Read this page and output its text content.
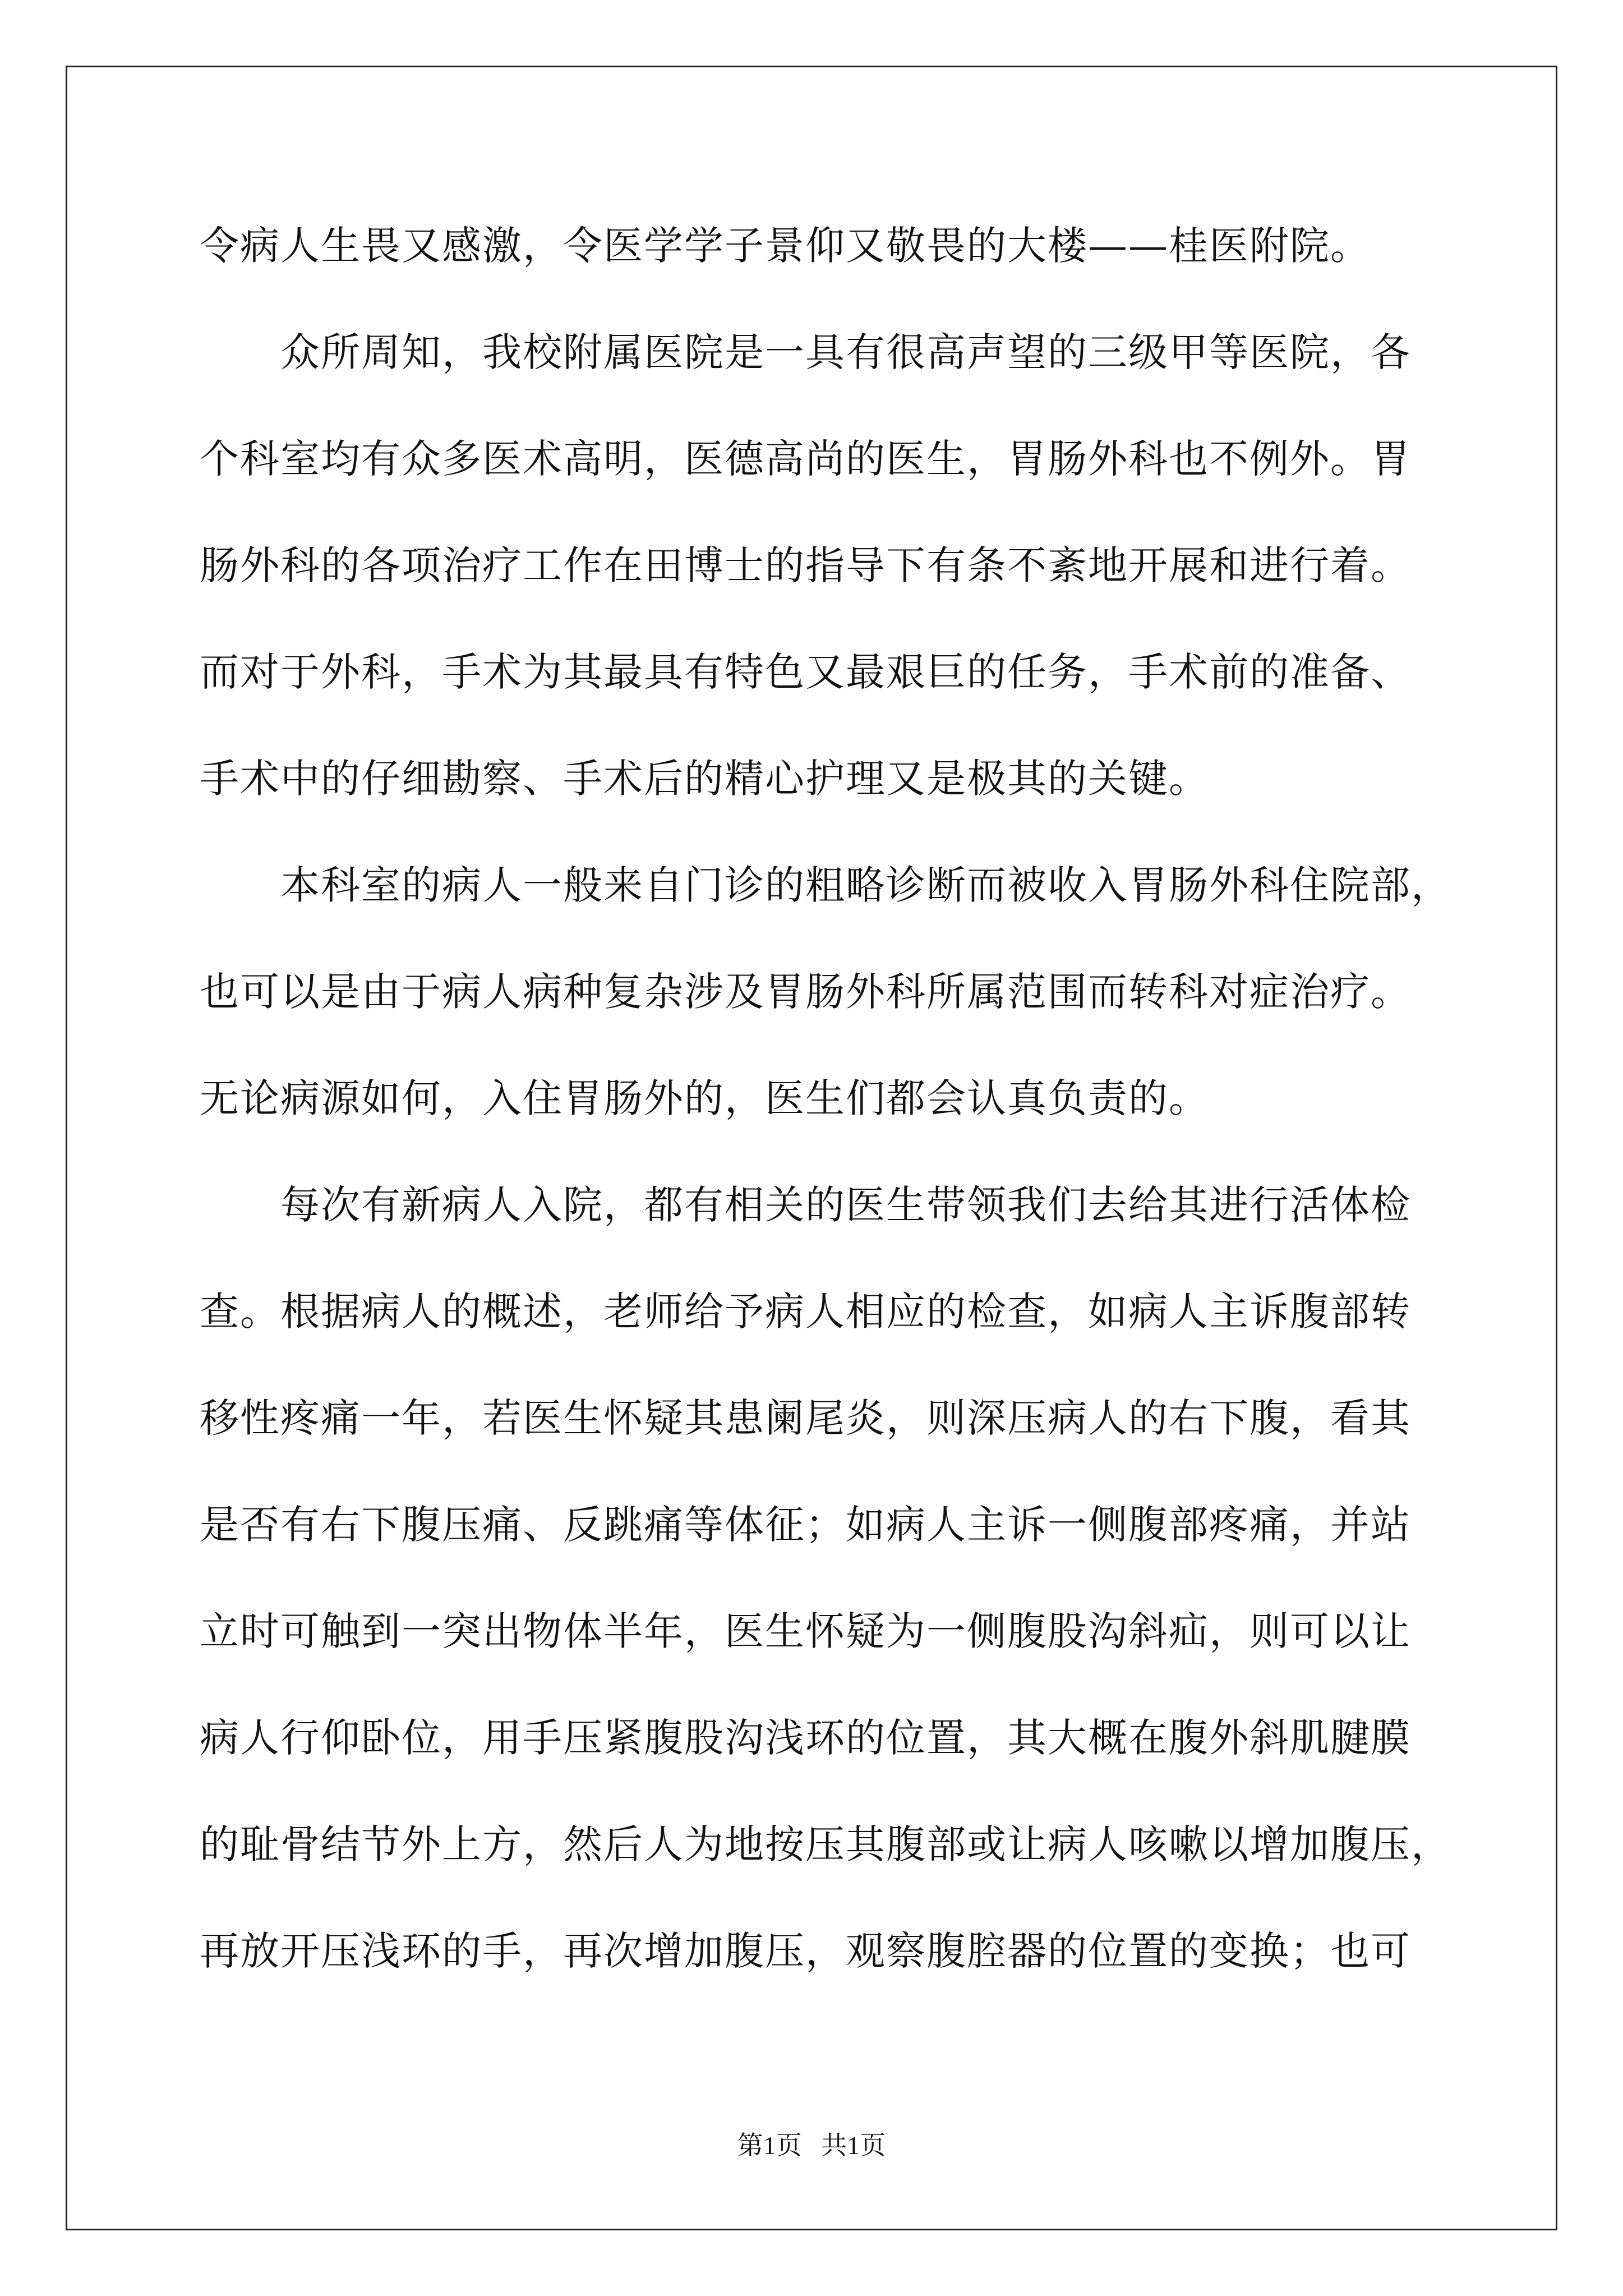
令病人生畏又感激，令医学学子景仰又敬畏的大楼——桂医附院。
众所周知，我校附属医院是一具有很高声望的三级甲等医院，各
个科室均有众多医术高明，医德高尚的医生，胃肠外科也不例外。胃
肠外科的各项治疗工作在田博士的指导下有条不紊地开展和进行着。
而对于外科，手术为其最具有特色又最艰巨的任务，手术前的准备、
手术中的仔细勘察、手术后的精心护理又是极其的关键。
本科室的病人一般来自门诊的粗略诊断而被收入胃肠外科住院部，
也可以是由于病人病种复杂涉及胃肠外科所属范围而转科对症治疗。
无论病源如何，入住胃肠外的，医生们都会认真负责的。
每次有新病人入院，都有相关的医生带领我们去给其进行活体检
查。根据病人的概述，老师给予病人相应的检查，如病人主诉腹部转
移性疼痛一年，若医生怀疑其患阑尾炎，则深压病人的右下腹，看其
是否有右下腹压痛、反跳痛等体征；如病人主诉一侧腹部疼痛，并站
立时可触到一突出物体半年，医生怀疑为一侧腹股沟斜疝，则可以让
病人行仰卧位，用手压紧腹股沟浅环的位置，其大概在腹外斜肌腱膜
的耻骨结节外上方，然后人为地按压其腹部或让病人咳嗽以增加腹压，
再放开压浅环的手，再次增加腹压，观察腹腔器的位置的变换；也可
第1页 共1页
